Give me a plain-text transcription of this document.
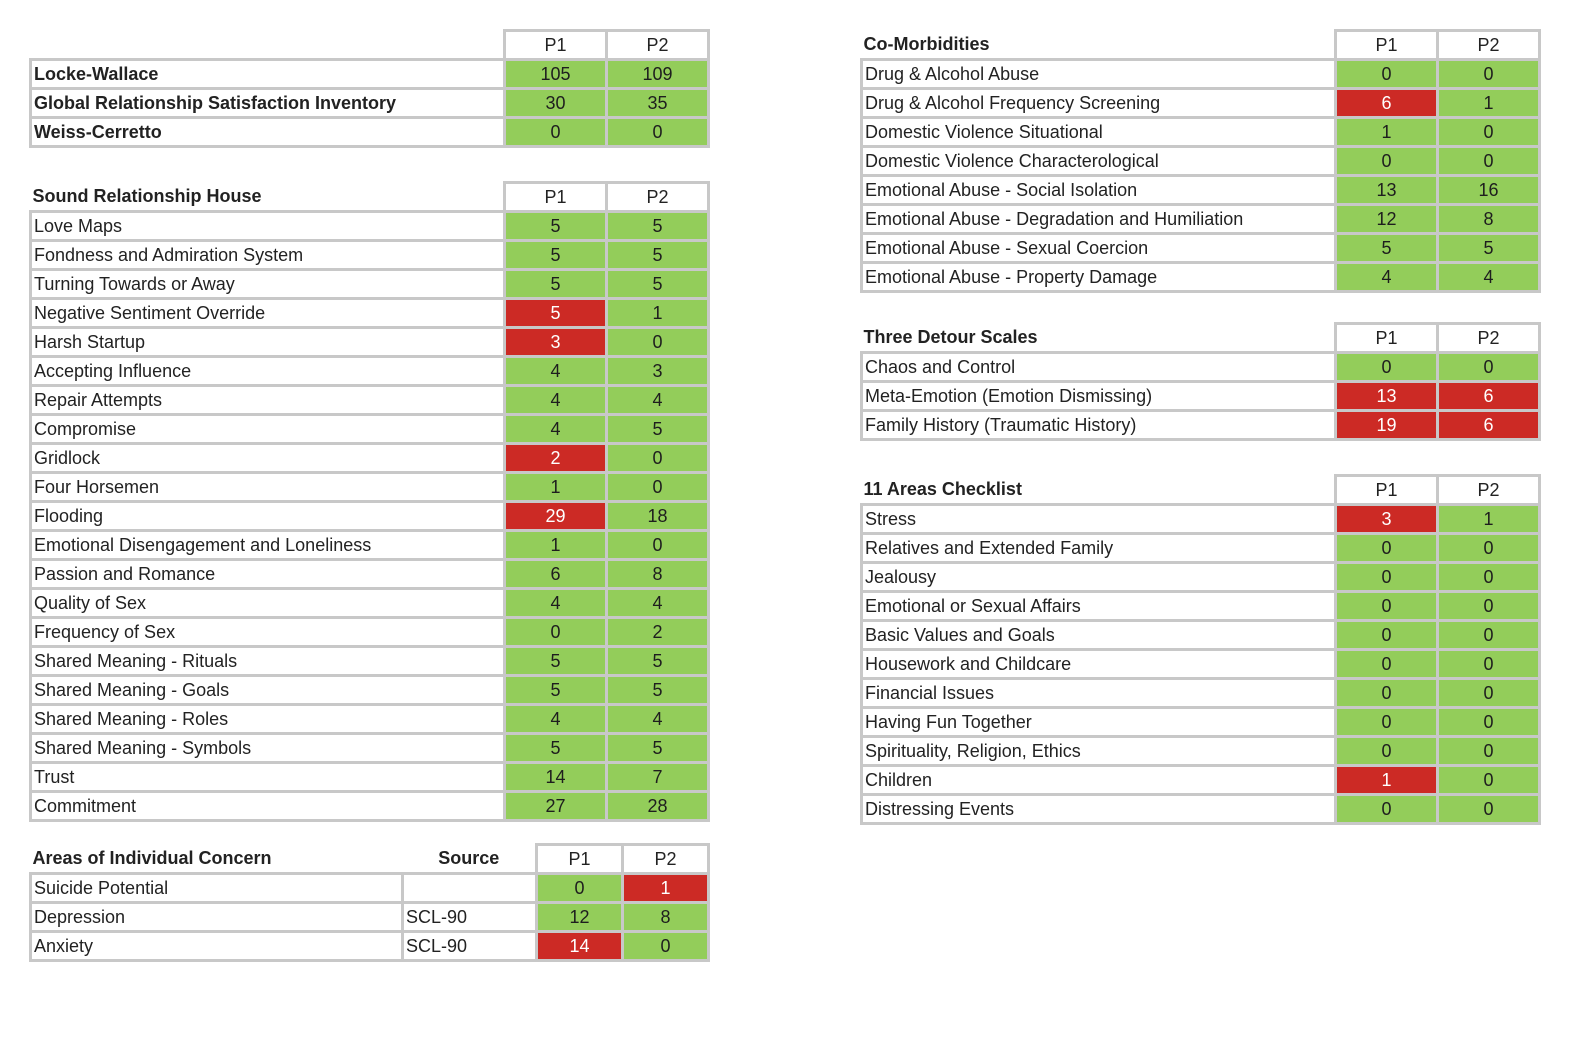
	P1	P2
Locke-Wallace	105	109
Global Relationship Satisfaction Inventory	30	35
Weiss-Cerretto	0	0
Sound Relationship House	P1	P2
Love Maps	5	5
Fondness and Admiration System	5	5
Turning Towards or Away	5	5
Negative Sentiment Override	5	1
Harsh Startup	3	0
Accepting Influence	4	3
Repair Attempts	4	4
Compromise	4	5
Gridlock	2	0
Four Horsemen	1	0
Flooding	29	18
Emotional Disengagement and Loneliness	1	0
Passion and Romance	6	8
Quality of Sex	4	4
Frequency of Sex	0	2
Shared Meaning - Rituals	5	5
Shared Meaning - Goals	5	5
Shared Meaning - Roles	4	4
Shared Meaning - Symbols	5	5
Trust	14	7
Commitment	27	28
Areas of Individual Concern	Source	P1	P2
Suicide Potential		0	1
Depression	SCL-90	12	8
Anxiety	SCL-90	14	0
Co-Morbidities	P1	P2
Drug & Alcohol Abuse	0	0
Drug & Alcohol Frequency Screening	6	1
Domestic Violence Situational	1	0
Domestic Violence Characterological	0	0
Emotional Abuse - Social Isolation	13	16
Emotional Abuse - Degradation and Humiliation	12	8
Emotional Abuse - Sexual Coercion	5	5
Emotional Abuse - Property Damage	4	4
Three Detour Scales	P1	P2
Chaos and Control	0	0
Meta-Emotion (Emotion Dismissing)	13	6
Family History (Traumatic History)	19	6
11 Areas Checklist	P1	P2
Stress	3	1
Relatives and Extended Family	0	0
Jealousy	0	0
Emotional or Sexual Affairs	0	0
Basic Values and Goals	0	0
Housework and Childcare	0	0
Financial Issues	0	0
Having Fun Together	0	0
Spirituality, Religion, Ethics	0	0
Children	1	0
Distressing Events	0	0
